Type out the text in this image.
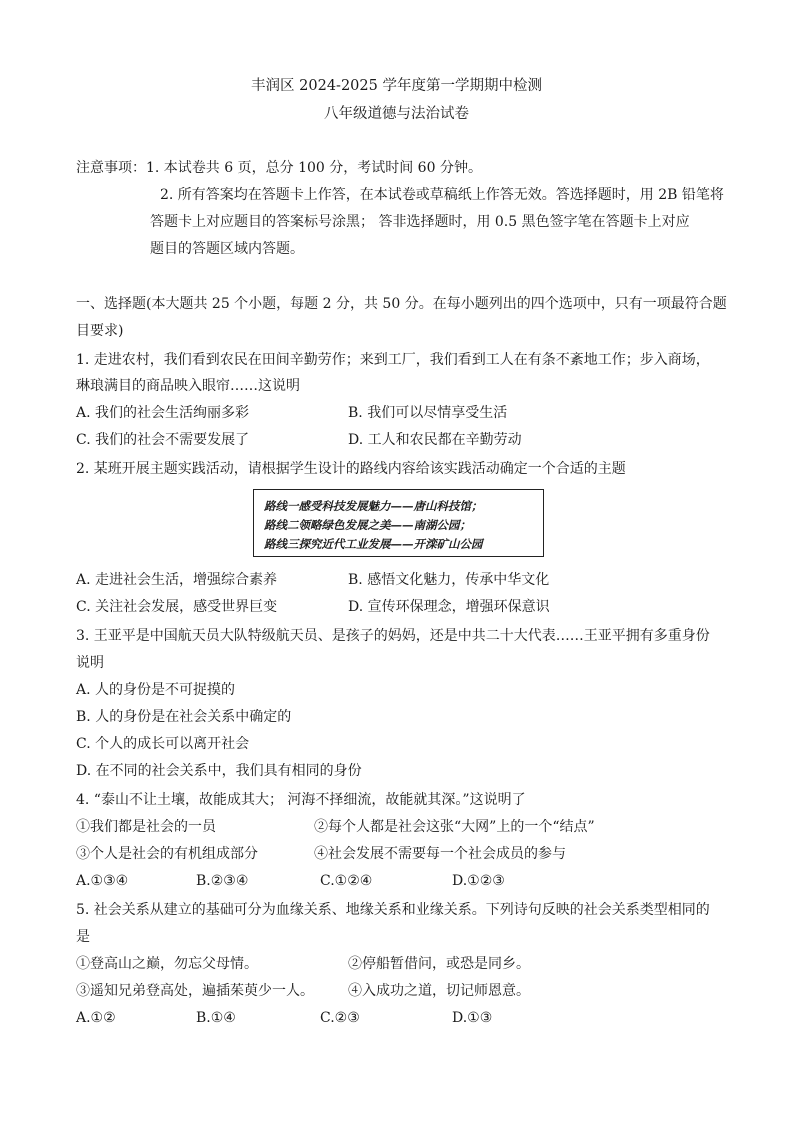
丰润区 2024-2025 学年度第一学期期中检测
八年级道德与法治试卷
注意事项：1. 本试卷共 6 页，总分 100 分，考试时间 60 分钟。
2. 所有答案均在答题卡上作答，在本试卷或草稿纸上作答无效。答选择题时，用 2B 铅笔将
答题卡上对应题目的答案标号涂黑； 答非选择题时，用 0.5 黑色签字笔在答题卡上对应
题目的答题区域内答题。
一、选择题(本大题共 25 个小题，每题 2 分，共 50 分。在每小题列出的四个选项中，只有一项最符合题
目要求)
1. 走进农村，我们看到农民在田间辛勤劳作；来到工厂，我们看到工人在有条不紊地工作；步入商场，
琳琅满目的商品映入眼帘……这说明
A. 我们的社会生活绚丽多彩	B. 我们可以尽情享受生活
C. 我们的社会不需要发展了	D. 工人和农民都在辛勤劳动
2. 某班开展主题实践活动，请根据学生设计的路线内容给该实践活动确定一个合适的主题
路线一感受科技发展魅力——唐山科技馆；
路线二领略绿色发展之美——南湖公园；
路线三探究近代工业发展——开滦矿山公园
A. 走进社会生活，增强综合素养	B. 感悟文化魅力，传承中华文化
C. 关注社会发展，感受世界巨变	D. 宣传环保理念，增强环保意识
3. 王亚平是中国航天员大队特级航天员、是孩子的妈妈，还是中共二十大代表……王亚平拥有多重身份
说明
A. 人的身份是不可捉摸的
B. 人的身份是在社会关系中确定的
C. 个人的成长可以离开社会
D. 在不同的社会关系中，我们具有相同的身份
4. “泰山不让土壤，故能成其大； 河海不择细流，故能就其深。”这说明了
①我们都是社会的一员	②每个人都是社会这张“大网”上的一个“结点”
③个人是社会的有机组成部分	④社会发展不需要每一个社会成员的参与
A.①③④	B.②③④	C.①②④	D.①②③
5. 社会关系从建立的基础可分为血缘关系、地缘关系和业缘关系。下列诗句反映的社会关系类型相同的
是
①登高山之巅，勿忘父母情。	②停船暂借问，或恐是同乡。
③遥知兄弟登高处，遍插茱萸少一人。 ④入成功之道，切记师恩意。
A.①②	B.①④	C.②③	D.①③
